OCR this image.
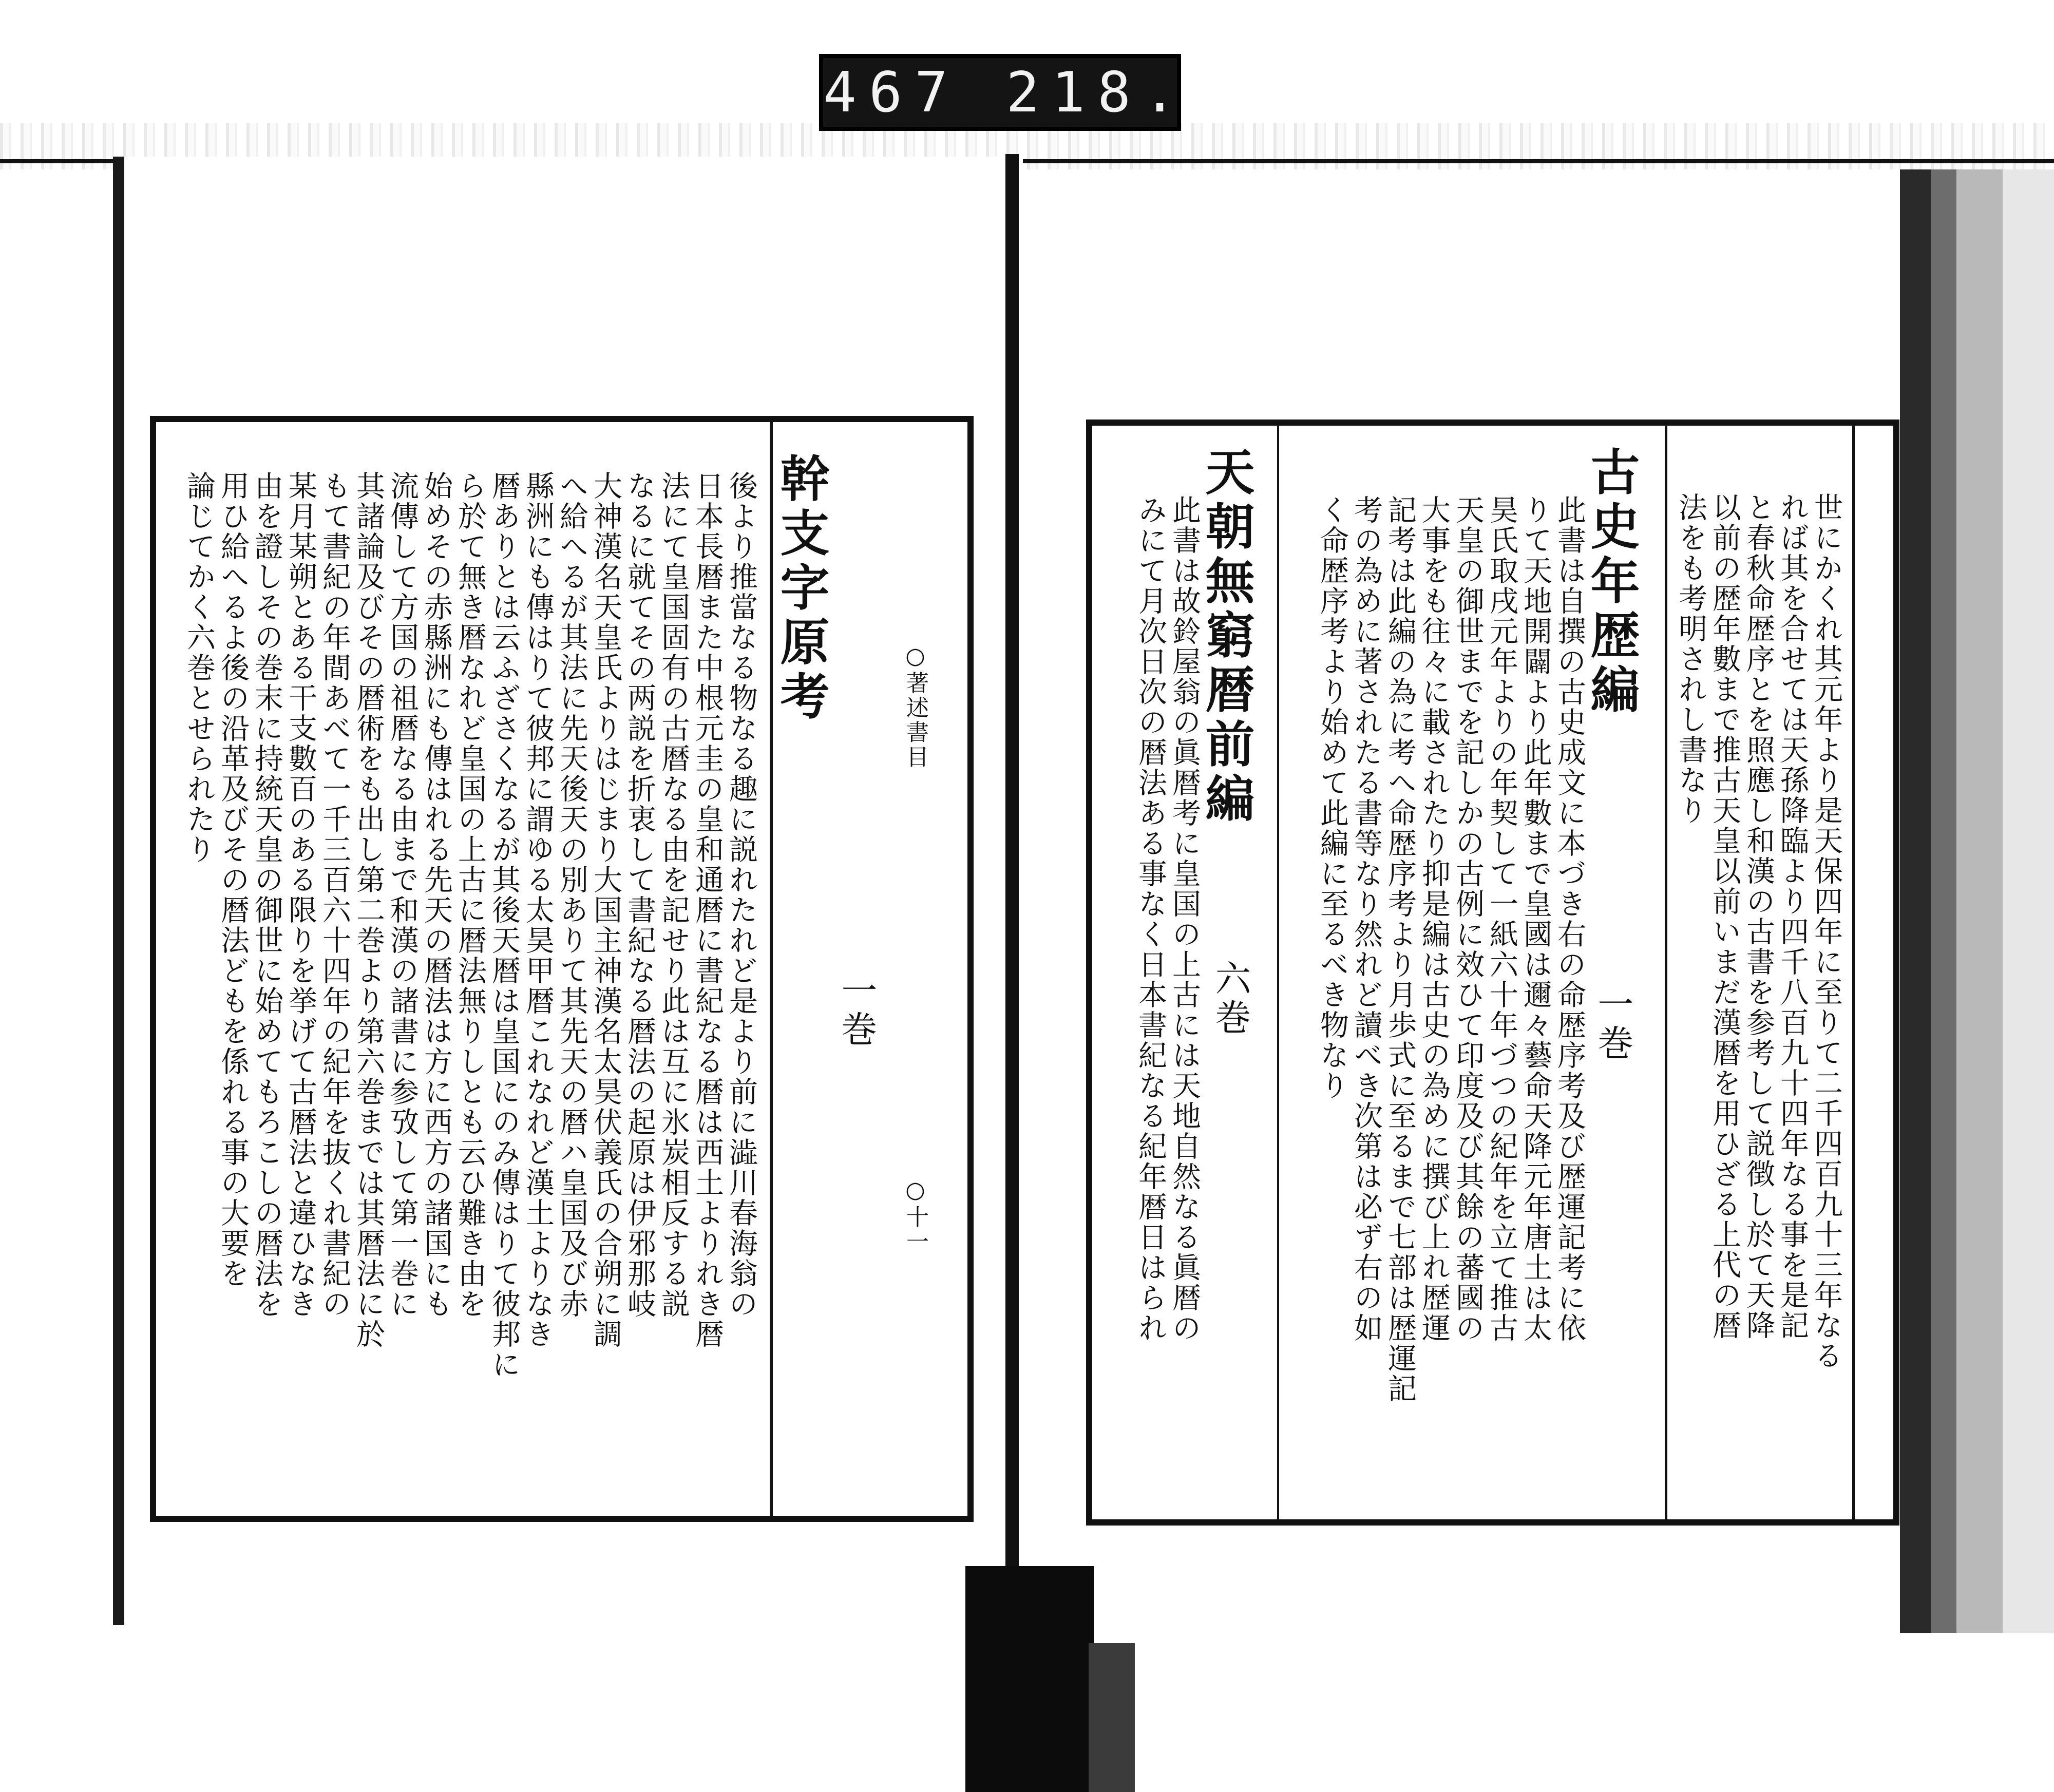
467 218.
後より推當なる物なる趣に説れたれど是より前に澁川春海翁の
日本長暦また中根元圭の皇和通暦に書紀なる暦は西土よりれき暦
法にて皇国固有の古暦なる由を記せり此は互に氷炭相反する説
なるに就てその两説を折衷して書紀なる暦法の起原は伊邪那岐
大神漢名天皇氏よりはじまり大国主神漢名太昊伏義氏の合朔に調
へ給へるが其法に先天後天の別ありて其先天の暦ハ皇国及び赤
縣洲にも傳はりて彼邦に謂ゆる太昊甲暦これなれど漢土よりなき
暦ありとは云ふざさくなるが其後天暦は皇国にのみ傳はりて彼邦に
ら於て無き暦なれど皇国の上古に暦法無りしとも云ひ難き由を
始めその赤縣洲にも傳はれる先天の暦法は方に西方の諸国にも
流傳して方国の祖暦なる由まで和漢の諸書に参攷して第一巻に
其諸論及びその暦術をも出し第二巻より第六巻までは其暦法に於
もて書紀の年間あべて一千三百六十四年の紀年を抜くれ書紀の
某月某朔とある干支數百のある限りを挙げて古暦法と違ひなき
由を證しその巻末に持統天皇の御世に始めてもろこしの暦法を
用ひ給へるよ後の沿革及びその暦法どもを係れる事の大要を
論じてかく六巻とせられたり	幹支字原考	○著述書目
一巻
○十一	世にかくれ其元年より是天保四年に至りて二千四百九十三年なる
れば其を合せては天孫降臨より四千八百九十四年なる事を是記
と春秋命歴序とを照應し和漢の古書を参考して説徴し於て天降
以前の歴年數まで推古天皇以前いまだ漢暦を用ひざる上代の暦
法をも考明されし書なり
古史年歴編
一巻
此書は自撰の古史成文に本づき右の命歴序考及び歴運記考に依
りて天地開闢より此年數まで皇國は邇々藝命天降元年唐土は太
昊氏取戌元年よりの年契して一紙六十年づつの紀年を立て推古
天皇の御世までを記しかの古例に效ひて印度及び其餘の蕃國の
大事をも往々に載されたり抑是編は古史の為めに撰び上れ歴運
記考は此編の為に考へ命歴序考より月歩式に至るまで七部は歴運記
考の為めに著されたる書等なり然れど讀べき次第は必ず右の如
く命歴序考より始めて此編に至るべき物なり
天朝無窮暦前編
六巻
此書は故鈴屋翁の眞暦考に皇国の上古には天地自然なる眞暦の
みにて月次日次の暦法ある事なく日本書紀なる紀年暦日はられ
